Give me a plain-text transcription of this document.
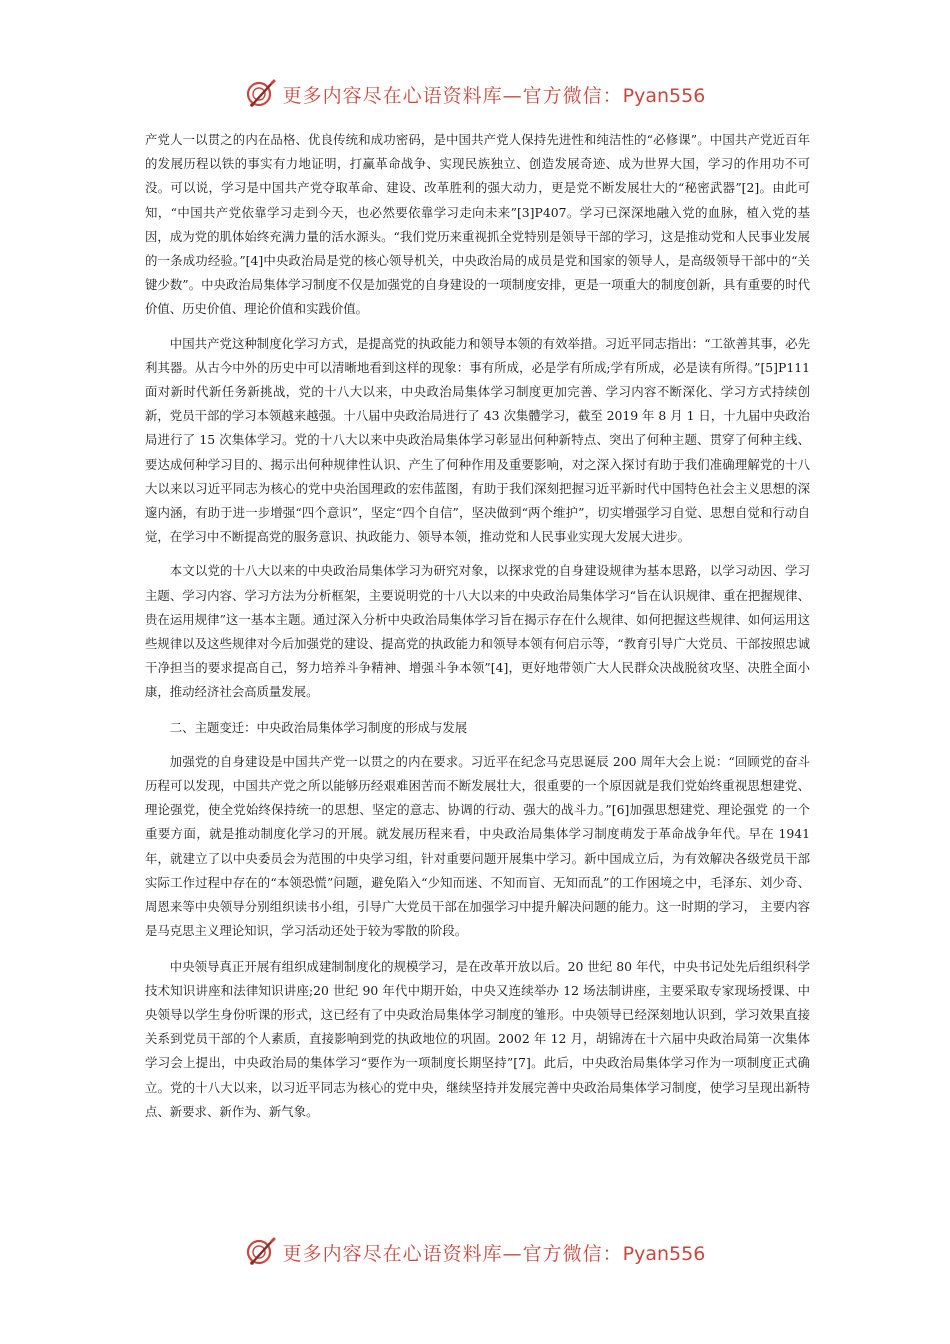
更多内容尽在心语资料库—官方微信：Pyan556

产党人一以贯之的内在品格、优良传统和成功密码，是中国共产党人保持先进性和纯洁性的“必修课”。中国共产党近百年的发展历程以铁的事实有力地证明，打赢革命战争、实现民族独立、创造发展奇迹、成为世界大国，学习的作用功不可没。可以说，学习是中国共产党夺取革命、建设、改革胜利的强大动力，更是党不断发展壮大的“秘密武器”[2]。由此可知，“中国共产党依靠学习走到今天，也必然要依靠学习走向未来”[3]P407。学习已深深地融入党的血脉，植入党的基因，成为党的肌体始终充满力量的活水源头。“我们党历来重视抓全党特别是领导干部的学习，这是推动党和人民事业发展的一条成功经验。”[4]中央政治局是党的核心领导机关，中央政治局的成员是党和国家的领导人，是高级领导干部中的“关键少数”。中央政治局集体学习制度不仅是加强党的自身建设的一项制度安排，更是一项重大的制度创新，具有重要的时代价值、历史价值、理论价值和实践价值。

中国共产党这种制度化学习方式，是提高党的执政能力和领导本领的有效举措。习近平同志指出：“工欲善其事，必先利其器。从古今中外的历史中可以清晰地看到这样的现象：事有所成，必是学有所成;学有所成，必是读有所得。”[5]P111 面对新时代新任务新挑战，党的十八大以来，中央政治局集体学习制度更加完善、学习内容不断深化、学习方式持续创新，党员干部的学习本领越来越强。十八届中央政治局进行了 43 次集體学习，截至 2019 年 8 月 1 日，十九届中央政治局进行了 15 次集体学习。党的十八大以来中央政治局集体学习彰显出何种新特点、突出了何种主题、贯穿了何种主线、要达成何种学习目的、揭示出何种规律性认识、产生了何种作用及重要影响，对之深入探讨有助于我们准确理解党的十八大以来以习近平同志为核心的党中央治国理政的宏伟蓝图，有助于我们深刻把握习近平新时代中国特色社会主义思想的深邃内涵，有助于进一步增强“四个意识”，坚定“四个自信”，坚决做到“两个维护”，切实增强学习自觉、思想自觉和行动自觉，在学习中不断提高党的服务意识、执政能力、领导本领，推动党和人民事业实现大发展大进步。

本文以党的十八大以来的中央政治局集体学习为研究对象，以探求党的自身建设规律为基本思路，以学习动因、学习主题、学习内容、学习方法为分析框架，主要说明党的十八大以来的中央政治局集体学习“旨在认识规律、重在把握规律、贵在运用规律”这一基本主题。通过深入分析中央政治局集体学习旨在揭示存在什么规律、如何把握这些规律、如何运用这些规律以及这些规律对今后加强党的建设、提高党的执政能力和领导本领有何启示等，“教育引导广大党员、干部按照忠诚干净担当的要求提高自己，努力培养斗争精神、增强斗争本领”[4]，更好地带领广大人民群众决战脱贫攻坚、决胜全面小康，推动经济社会高质量发展。

二、主题变迁：中央政治局集体学习制度的形成与发展

加强党的自身建设是中国共产党一以贯之的内在要求。习近平在纪念马克思诞辰 200 周年大会上说：“回顾党的奋斗历程可以发现，中国共产党之所以能够历经艰难困苦而不断发展壮大，很重要的一个原因就是我们党始终重视思想建党、理论强党，使全党始终保持统一的思想、坚定的意志、协调的行动、强大的战斗力。”[6]加强思想建党、理论强党 的一个重要方面，就是推动制度化学习的开展。就发展历程来看，中央政治局集体学习制度萌发于革命战争年代。早在 1941 年，就建立了以中央委员会为范围的中央学习组，针对重要问题开展集中学习。新中国成立后，为有效解决各级党员干部实际工作过程中存在的“本领恐慌”问题，避免陷入“少知而迷、不知而盲、无知而乱”的工作困境之中，毛泽东、刘少奇、周恩来等中央领导分别组织读书小组，引导广大党员干部在加强学习中提升解决问题的能力。这一时期的学习， 主要内容是马克思主义理论知识，学习活动还处于较为零散的阶段。

中央领导真正开展有组织成建制制度化的规模学习，是在改革开放以后。20 世纪 80 年代，中央书记处先后组织科学技术知识讲座和法律知识讲座;20 世纪 90 年代中期开始，中央又连续举办 12 场法制讲座，主要采取专家现场授课、中央领导以学生身份听课的形式，这已经有了中央政治局集体学习制度的雏形。中央领导已经深刻地认识到，学习效果直接关系到党员干部的个人素质，直接影响到党的执政地位的巩固。2002 年 12 月，胡锦涛在十六届中央政治局第一次集体学习会上提出，中央政治局的集体学习“要作为一项制度长期坚持”[7]。此后，中央政治局集体学习作为一项制度正式确立。党的十八大以来，以习近平同志为核心的党中央，继续坚持并发展完善中央政治局集体学习制度，使学习呈现出新特点、新要求、新作为、新气象。

更多内容尽在心语资料库—官方微信：Pyan556
